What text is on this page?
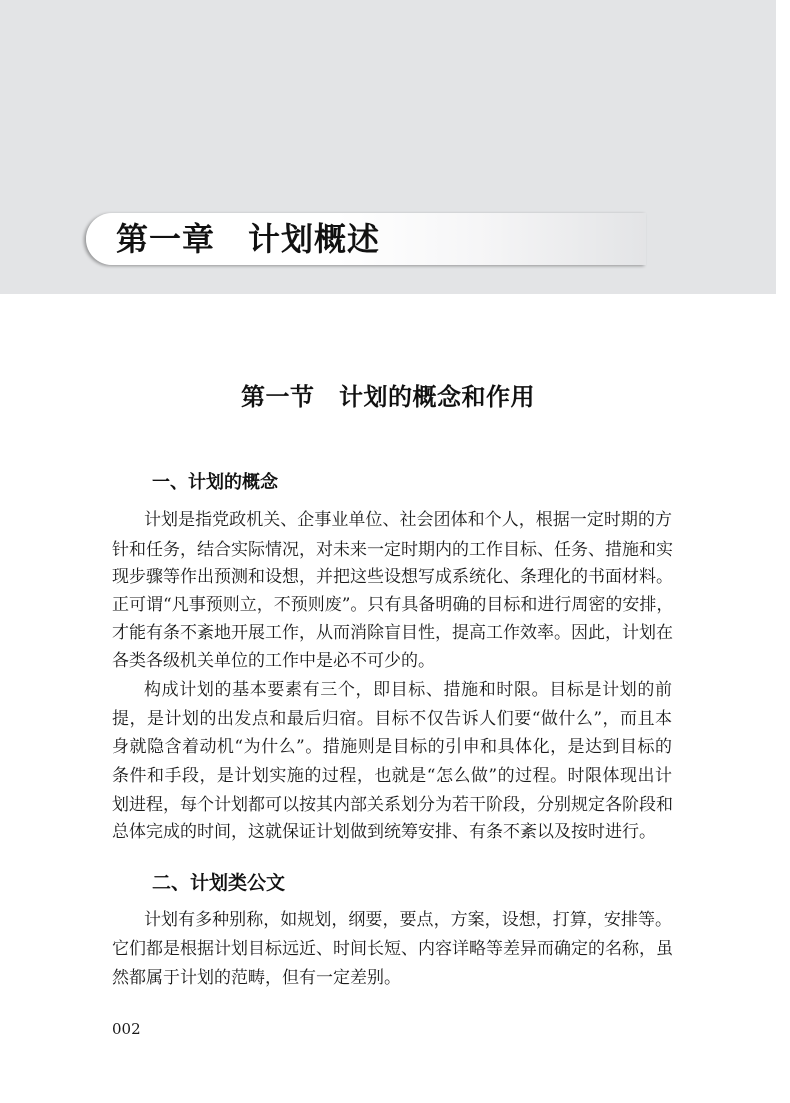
第一章　计划概述
第一节　计划的概念和作用
一、计划的概念
计划是指党政机关、企事业单位、社会团体和个人，根据一定时期的方
针和任务，结合实际情况，对未来一定时期内的工作目标、任务、措施和实
现步骤等作出预测和设想，并把这些设想写成系统化、条理化的书面材料。
正可谓“凡事预则立，不预则废”。只有具备明确的目标和进行周密的安排，
才能有条不紊地开展工作，从而消除盲目性，提高工作效率。因此，计划在
各类各级机关单位的工作中是必不可少的。
构成计划的基本要素有三个，即目标、措施和时限。目标是计划的前
提，是计划的出发点和最后归宿。目标不仅告诉人们要“做什么”，而且本
身就隐含着动机“为什么”。措施则是目标的引申和具体化，是达到目标的
条件和手段，是计划实施的过程，也就是“怎么做”的过程。时限体现出计
划进程，每个计划都可以按其内部关系划分为若干阶段，分别规定各阶段和
总体完成的时间，这就保证计划做到统筹安排、有条不紊以及按时进行。
二、计划类公文
计划有多种别称，如规划，纲要，要点，方案，设想，打算，安排等。
它们都是根据计划目标远近、时间长短、内容详略等差异而确定的名称，虽
然都属于计划的范畴，但有一定差别。
002
